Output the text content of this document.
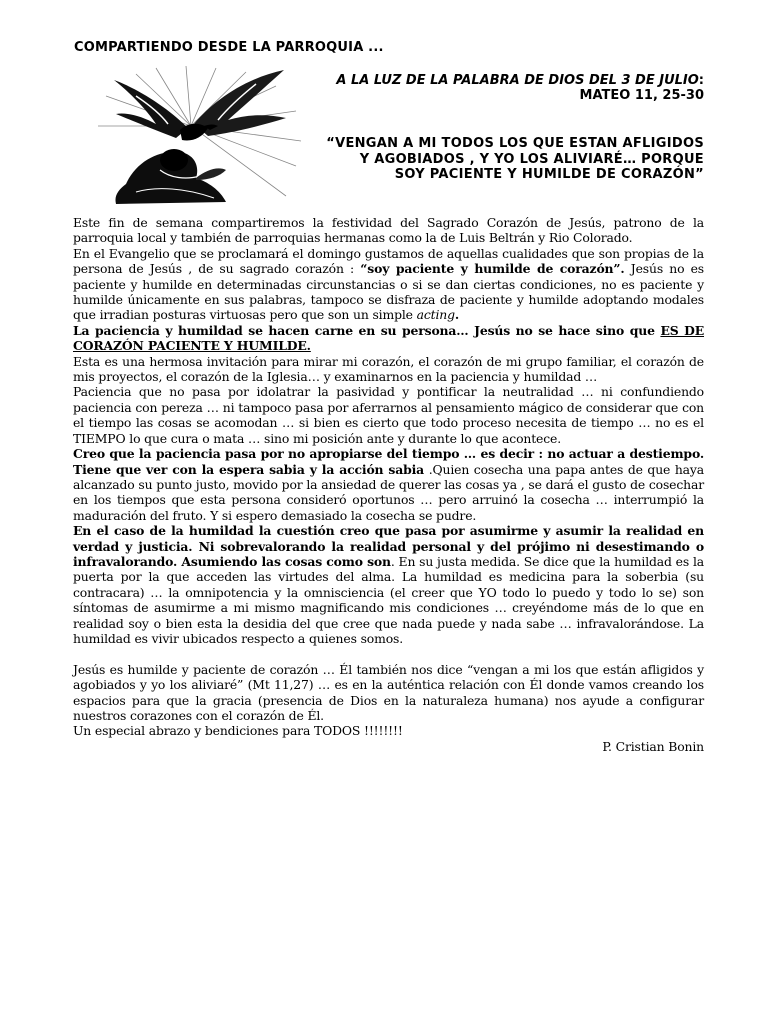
COMPARTIENDO DESDE LA PARROQUIA ...
A LA LUZ DE LA PALABRA DE DIOS DEL 3 DE JULIO:
MATEO 11, 25-30
“VENGAN A MI TODOS LOS QUE ESTAN AFLIGIDOS
Y AGOBIADOS , Y YO LOS ALIVIARÉ… PORQUE
SOY PACIENTE Y HUMILDE DE CORAZÓN”

Este fin de semana compartiremos la festividad del Sagrado Corazón de Jesús, patrono de la parroquia local y también de parroquias hermanas como la de Luis Beltrán y Rio Colorado.

En el Evangelio que se proclamará el domingo gustamos de aquellas cualidades que son propias de la persona de Jesús , de su sagrado corazón : “soy paciente y humilde de corazón”. Jesús no es paciente y humilde en determinadas circunstancias o si se dan ciertas condiciones, no es paciente y humilde únicamente en sus palabras, tampoco se disfraza de paciente y humilde adoptando modales que irradian posturas virtuosas pero que son un simple acting.

La paciencia y humildad se hacen carne en su persona… Jesús no se hace sino que ES DE CORAZÓN PACIENTE Y HUMILDE.

Esta es una hermosa invitación para mirar mi corazón, el corazón de mi grupo familiar, el corazón de mis proyectos, el corazón de la Iglesia… y examinarnos en la paciencia y humildad …

Paciencia que no pasa por idolatrar la pasividad y pontificar la neutralidad … ni confundiendo paciencia con pereza … ni tampoco pasa por aferrarnos al pensamiento mágico de considerar que con el tiempo las cosas se acomodan … si bien es cierto que todo proceso necesita de tiempo … no es el TIEMPO lo que cura o mata … sino mi posición ante y durante lo que acontece.

Creo que la paciencia pasa por no apropiarse del tiempo … es decir : no actuar a destiempo. Tiene que ver con la espera sabia y la acción sabia .Quien cosecha una papa antes de que haya alcanzado su punto justo, movido por la ansiedad de querer las cosas ya , se dará el gusto de cosechar en los tiempos que esta persona consideró oportunos … pero arruinó la cosecha … interrumpió la maduración del fruto. Y si espero demasiado la cosecha se pudre.

En el caso de la humildad la cuestión creo que pasa por asumirme y asumir la realidad en verdad y justicia. Ni sobrevalorando la realidad personal y del prójimo ni desestimando o infravalorando. Asumiendo las cosas como son. En su justa medida. Se dice que la humildad es la puerta por la que acceden las virtudes del alma. La humildad es medicina para la soberbia (su contracara) … la omnipotencia y la omnisciencia (el creer que YO todo lo puedo y todo lo se) son síntomas de asumirme a mi mismo magnificando mis condiciones … creyéndome más de lo que en realidad soy o bien esta la desidia del que cree que nada puede y nada sabe … infravalorándose. La humildad es vivir ubicados respecto a quienes somos.

Jesús es humilde y paciente de corazón … Él también nos dice “vengan a mi los que están afligidos y agobiados y yo los aliviaré” (Mt 11,27) … es en la auténtica relación con Él donde vamos creando los espacios para que la gracia (presencia de Dios en la naturaleza humana) nos ayude a configurar nuestros corazones con el corazón de Él.

Un especial abrazo y bendiciones para TODOS !!!!!!!!

P. Cristian Bonin
